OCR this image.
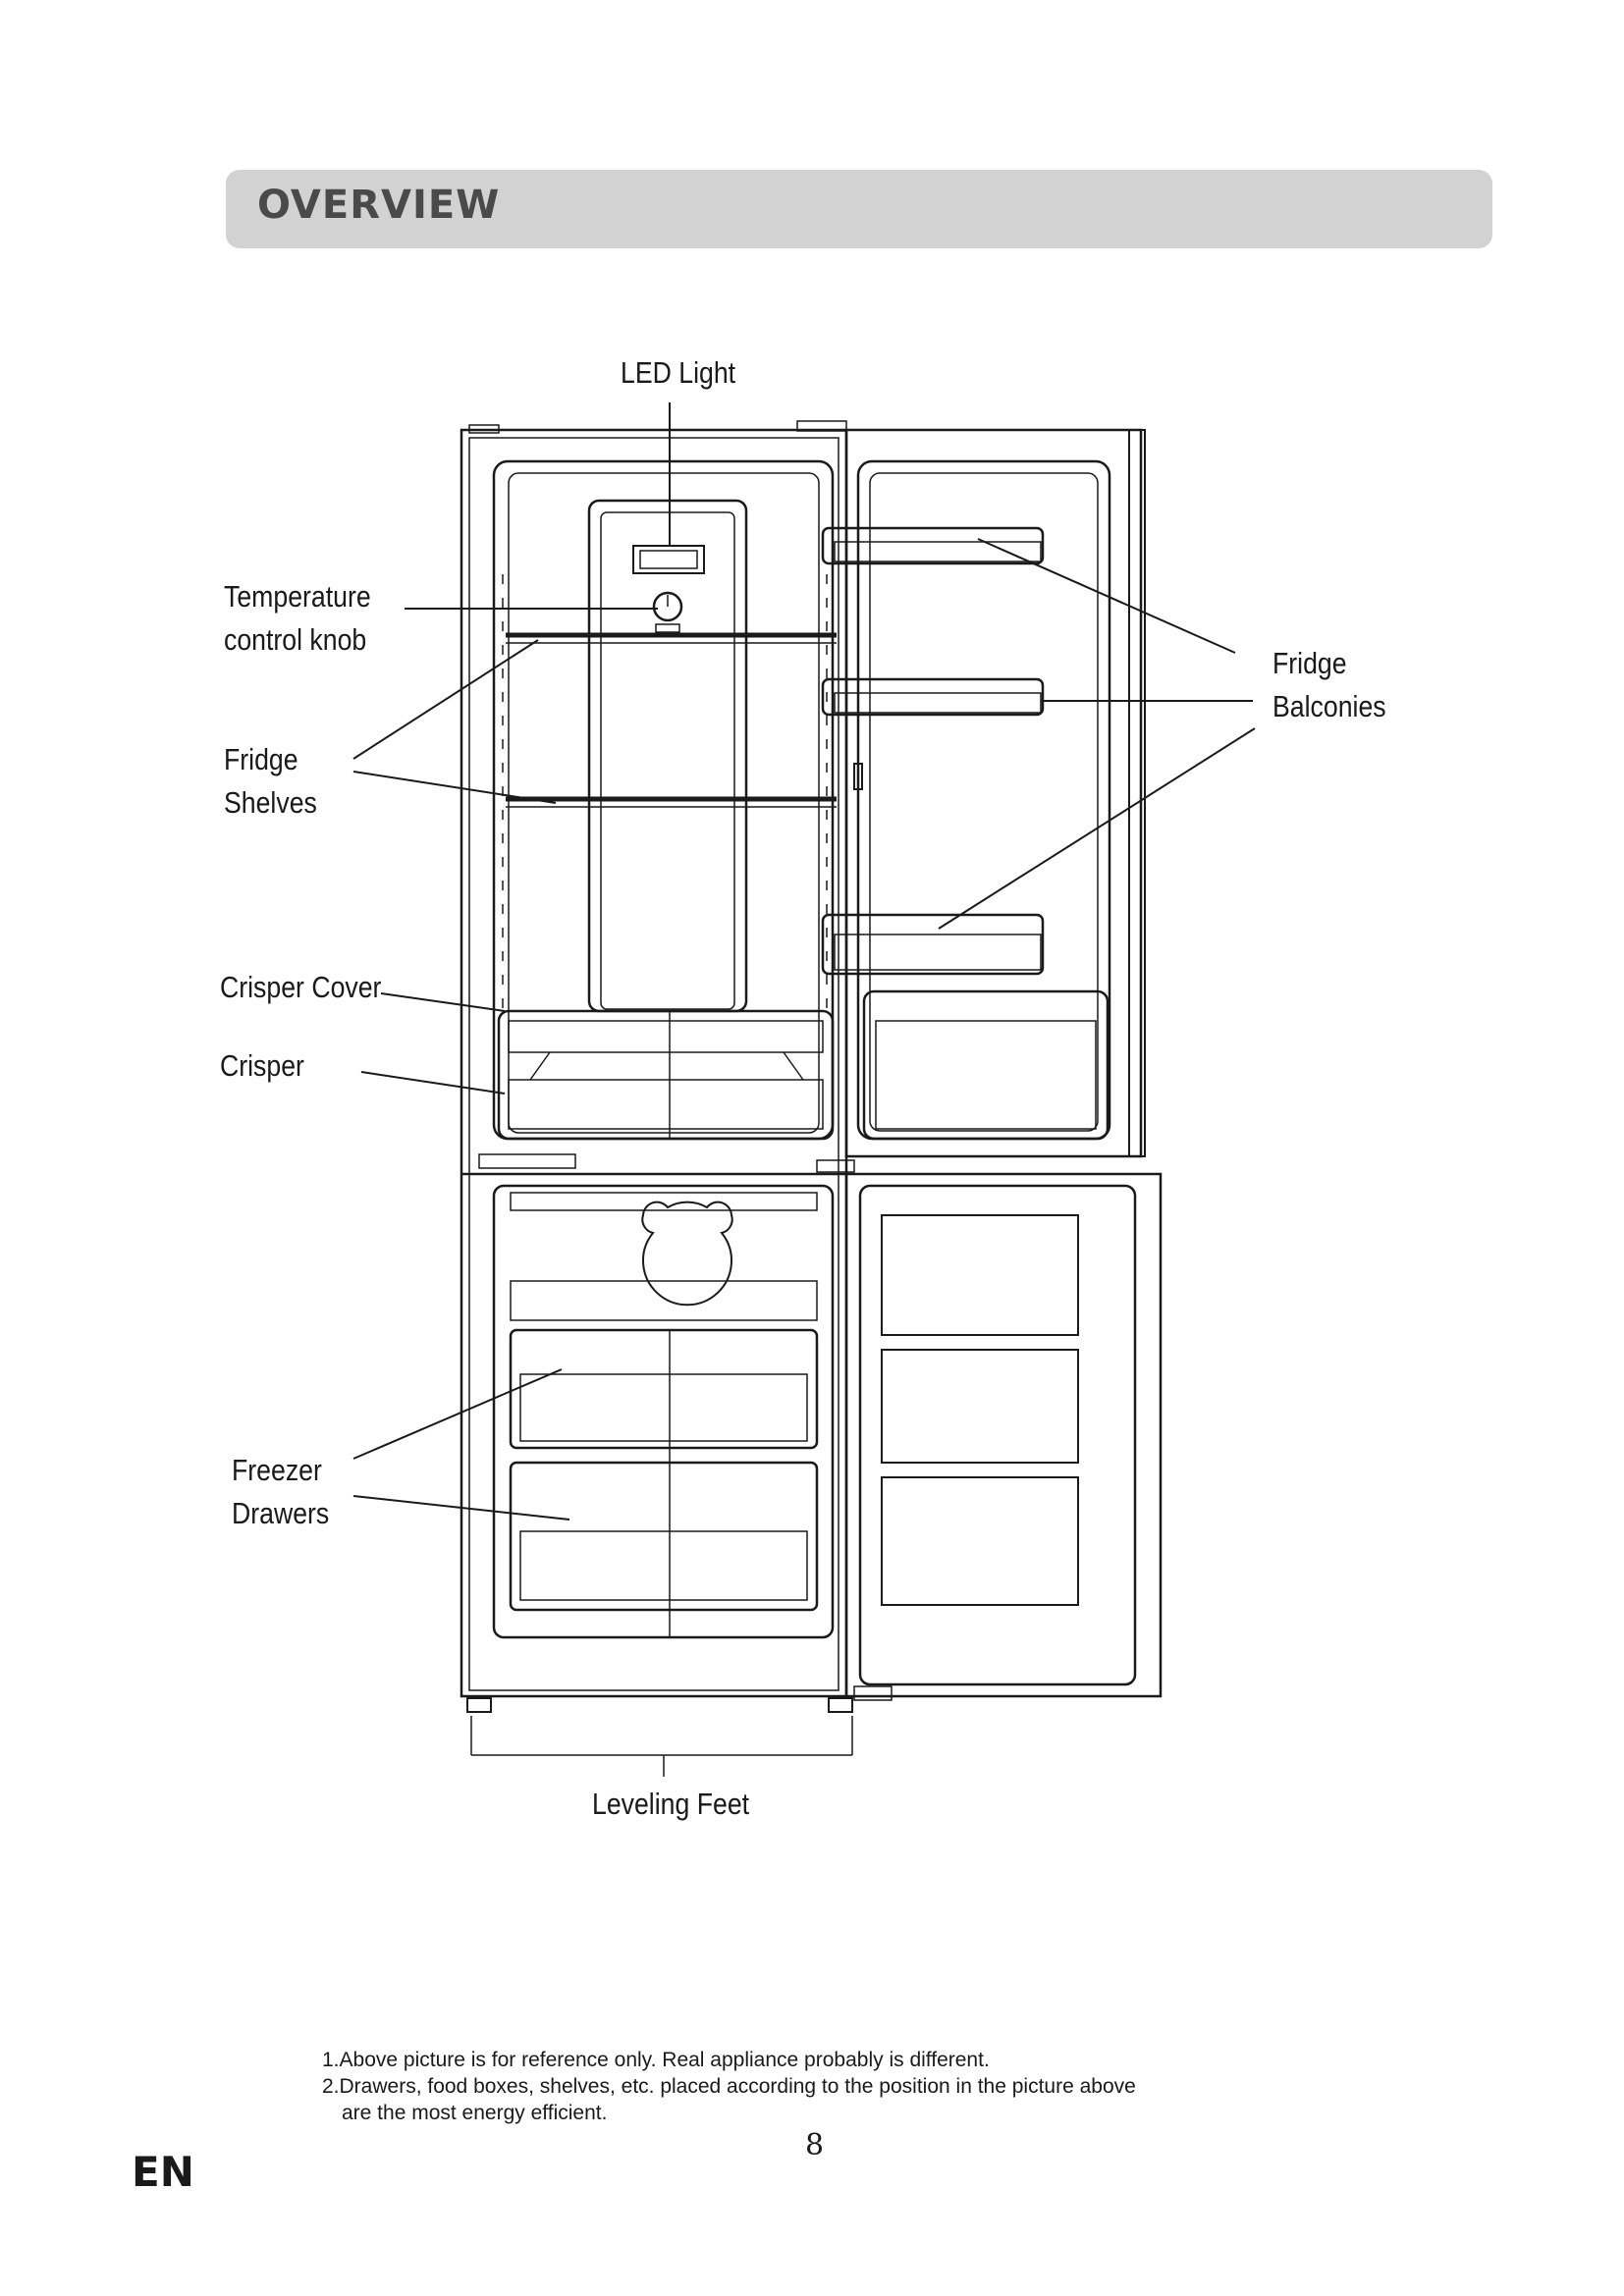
OVERVIEW
LED Light
Temperature
control knob
Fridge
Shelves
Crisper Cover
Crisper
Freezer
Drawers
Fridge
Balconies
Leveling Feet
1.Above picture is for reference only. Real appliance probably is different.
2.Drawers, food boxes, shelves, etc. placed according to the position in the picture above
are the most energy efficient.
8
EN
